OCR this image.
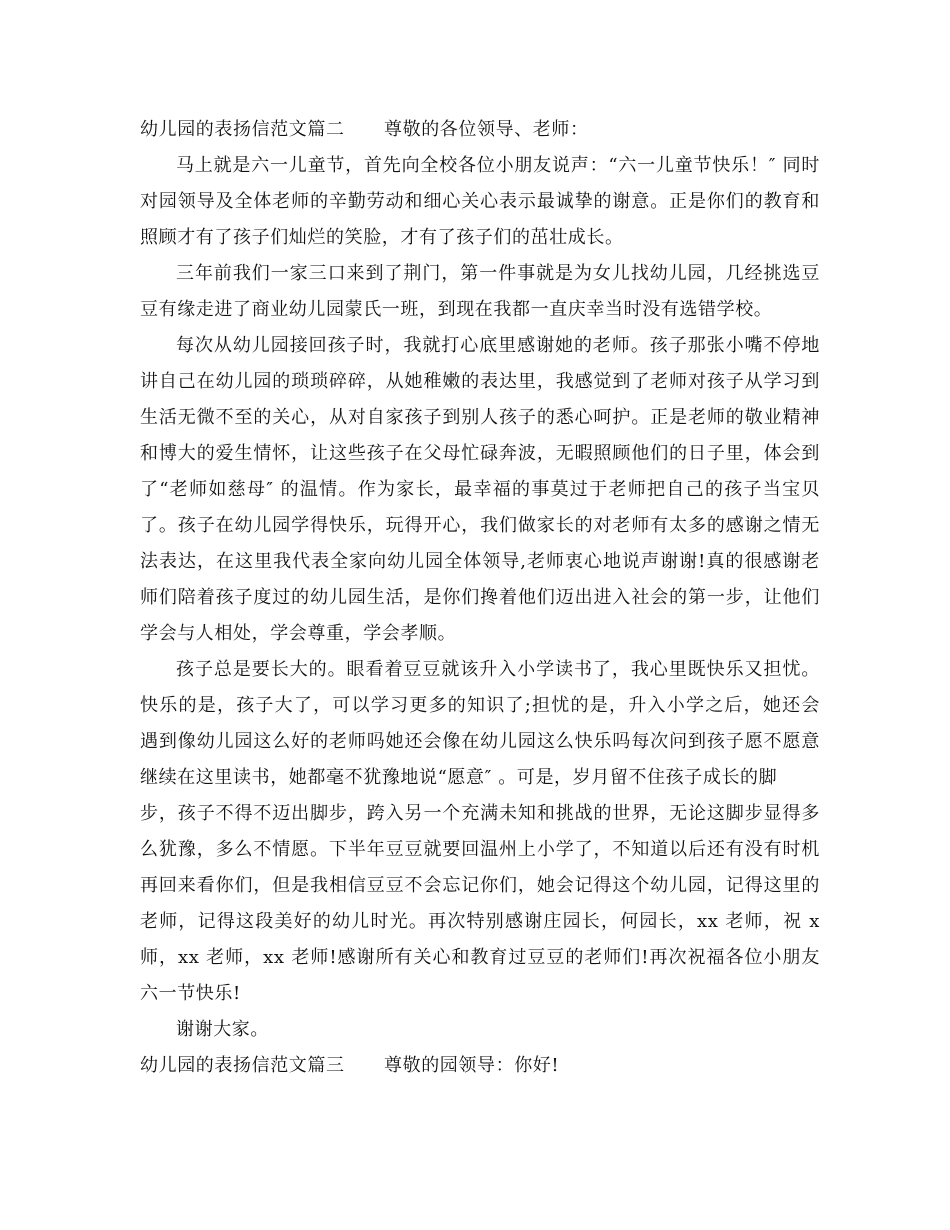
幼儿园的表扬信范文篇二 尊敬的各位领导、老师：
马上就是六一儿童节，首先向全校各位小朋友说声：“六一儿童节快乐！″ 同时
对园领导及全体老师的辛勤劳动和细心关心表示最诚挚的谢意。正是你们的教育和
照顾才有了孩子们灿烂的笑脸，才有了孩子们的茁壮成长。
三年前我们一家三口来到了荆门，第一件事就是为女儿找幼儿园，几经挑选豆
豆有缘走进了商业幼儿园蒙氏一班，到现在我都一直庆幸当时没有选错学校。
每次从幼儿园接回孩子时，我就打心底里感谢她的老师。孩子那张小嘴不停地
讲自己在幼儿园的琐琐碎碎，从她稚嫩的表达里，我感觉到了老师对孩子从学习到
生活无微不至的关心，从对自家孩子到别人孩子的悉心呵护。正是老师的敬业精神
和博大的爱生情怀，让这些孩子在父母忙碌奔波，无暇照顾他们的日子里，体会到
了“老师如慈母″ 的温情。作为家长，最幸福的事莫过于老师把自己的孩子当宝贝
了。孩子在幼儿园学得快乐，玩得开心，我们做家长的对老师有太多的感谢之情无
法表达，在这里我代表全家向幼儿园全体领导,老师衷心地说声谢谢!真的很感谢老
师们陪着孩子度过的幼儿园生活，是你们搀着他们迈出进入社会的第一步，让他们
学会与人相处，学会尊重，学会孝顺。
孩子总是要长大的。眼看着豆豆就该升入小学读书了，我心里既快乐又担忧。
快乐的是，孩子大了，可以学习更多的知识了;担忧的是，升入小学之后，她还会
遇到像幼儿园这么好的老师吗她还会像在幼儿园这么快乐吗每次问到孩子愿不愿意
继续在这里读书，她都毫不犹豫地说“愿意″ 。可是，岁月留不住孩子成长的脚
步，孩子不得不迈出脚步，跨入另一个充满未知和挑战的世界，无论这脚步显得多
么犹豫，多么不情愿。下半年豆豆就要回温州上小学了，不知道以后还有没有时机
再回来看你们，但是我相信豆豆不会忘记你们，她会记得这个幼儿园，记得这里的
老师，记得这段美好的幼儿时光。再次特别感谢庄园长，何园长，xx 老师，祝 x
师，xx 老师，xx 老师!感谢所有关心和教育过豆豆的老师们!再次祝福各位小朋友
六一节快乐!
谢谢大家。
幼儿园的表扬信范文篇三 尊敬的园领导：你好!
